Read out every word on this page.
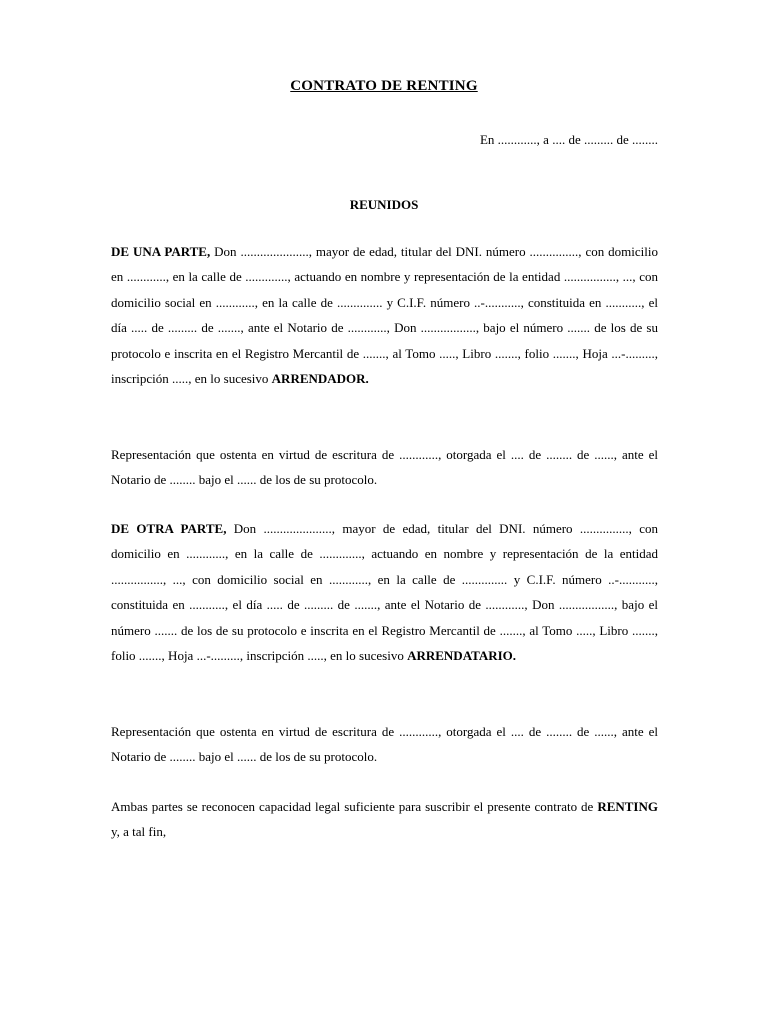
CONTRATO DE RENTING
En ............, a .... de ......... de ........
REUNIDOS
DE UNA PARTE, Don ....................., mayor de edad, titular del DNI. número ..............., con domicilio en ............, en la calle de ............., actuando en nombre y representación de la entidad ................, ..., con domicilio social en ............, en la calle de .............. y C.I.F. número ..-..........., constituida en ..........., el día ..... de ......... de ......., ante el Notario de ............, Don ................., bajo el número ....... de los de su protocolo e inscrita en el Registro Mercantil de ......., al Tomo ....., Libro ......., folio ......., Hoja ...-........., inscripción ....., en lo sucesivo ARRENDADOR.
Representación que ostenta en virtud de escritura de ............, otorgada el .... de ........ de ......, ante el Notario de ........ bajo el ...... de los de su protocolo.
DE OTRA PARTE, Don ....................., mayor de edad, titular del DNI. número ..............., con domicilio en ............, en la calle de ............., actuando en nombre y representación de la entidad ................, ..., con domicilio social en ............, en la calle de .............. y C.I.F. número ..-..........., constituida en ..........., el día ..... de ......... de ......., ante el Notario de ............, Don ................., bajo el número ....... de los de su protocolo e inscrita en el Registro Mercantil de ......., al Tomo ....., Libro ......., folio ......., Hoja ...-........., inscripción ....., en lo sucesivo ARRENDATARIO.
Representación que ostenta en virtud de escritura de ............, otorgada el .... de ........ de ......, ante el Notario de ........ bajo el ...... de los de su protocolo.
Ambas partes se reconocen capacidad legal suficiente para suscribir el presente contrato de RENTING y, a tal fin,
